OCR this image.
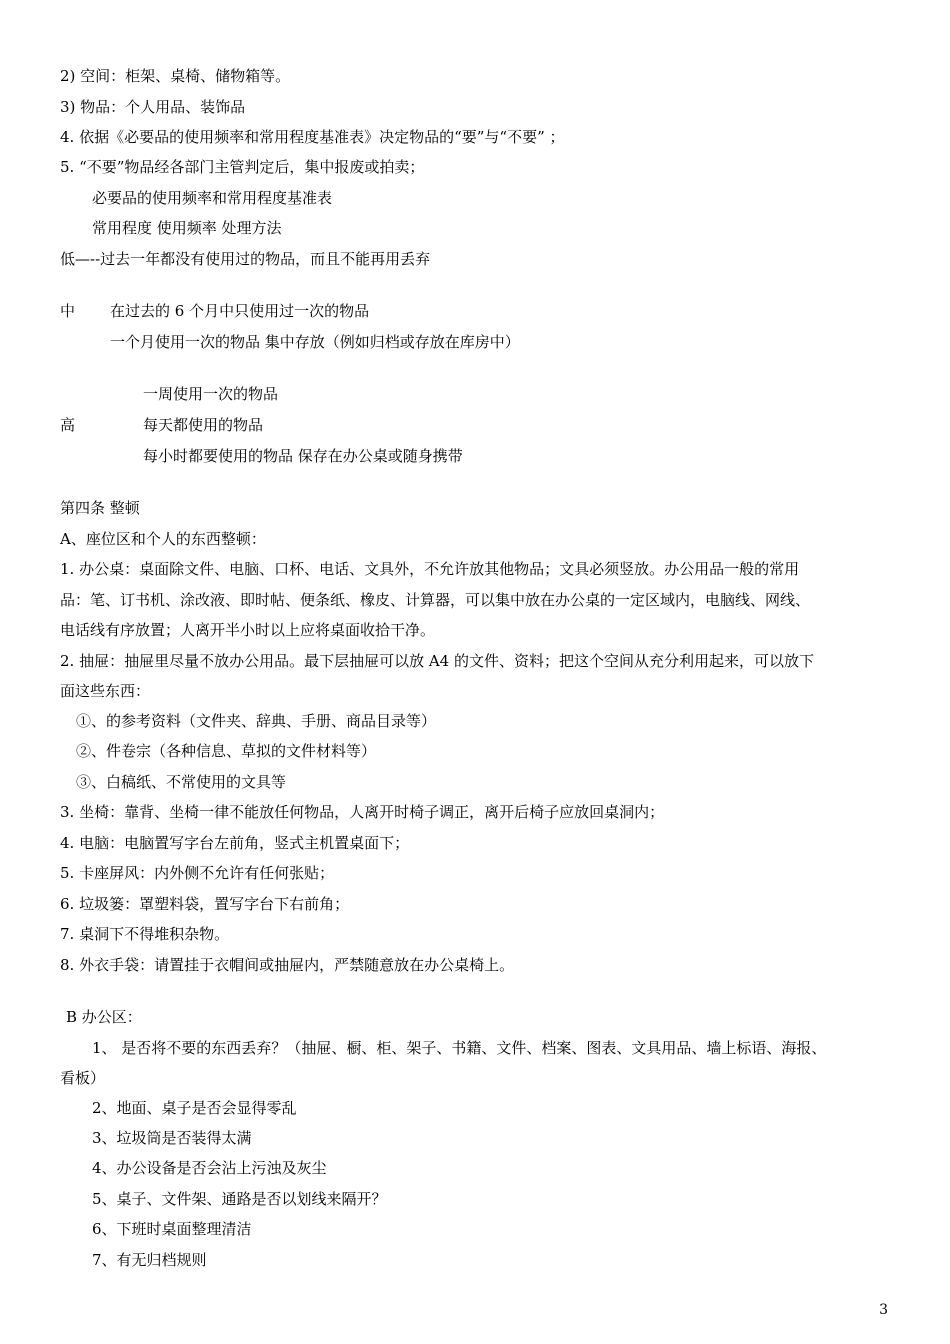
2) 空间：柜架、桌椅、储物箱等。
3) 物品：个人用品、装饰品
4. 依据《必要品的使用频率和常用程度基准表》决定物品的“要”与“不要” ；
5. “不要”物品经各部门主管判定后，集中报废或拍卖；
必要品的使用频率和常用程度基准表
常用程度 使用频率 处理方法
低—--过去一年都没有使用过的物品，而且不能再用丢弃
中 在过去的 6 个月中只使用过一次的物品
一个月使用一次的物品 集中存放（例如归档或存放在库房中）
一周使用一次的物品
高	每天都使用的物品
每小时都要使用的物品 保存在办公桌或随身携带
第四条 整顿
A、座位区和个人的东西整顿：
1. 办公桌：桌面除文件、电脑、口杯、电话、文具外，不允许放其他物品；文具必须竖放。办公用品一般的常用
品：笔、订书机、涂改液、即时帖、便条纸、橡皮、计算器，可以集中放在办公桌的一定区域内，电脑线、网线、
电话线有序放置；人离开半小时以上应将桌面收拾干净。
2. 抽屉：抽屉里尽量不放办公用品。最下层抽屉可以放 A4 的文件、资料；把这个空间从充分利用起来，可以放下
面这些东西：
①、的参考资料（文件夹、辞典、手册、商品目录等）
②、件卷宗（各种信息、草拟的文件材料等）
③、白稿纸、不常使用的文具等
3. 坐椅：靠背、坐椅一律不能放任何物品，人离开时椅子调正，离开后椅子应放回桌洞内；
4. 电脑：电脑置写字台左前角，竖式主机置桌面下；
5. 卡座屏风：内外侧不允许有任何张贴；
6. 垃圾篓：罩塑料袋，置写字台下右前角；
7. 桌洞下不得堆积杂物。
8. 外衣手袋：请置挂于衣帽间或抽屉内，严禁随意放在办公桌椅上。
B 办公区：
1、 是否将不要的东西丢弃？（抽屉、橱、柜、架子、书籍、文件、档案、图表、文具用品、墙上标语、海报、
看板）
2、地面、桌子是否会显得零乱
3、垃圾筒是否装得太满
4、办公设备是否会沾上污浊及灰尘
5、桌子、文件架、通路是否以划线来隔开？
6、下班时桌面整理清洁
7、有无归档规则
3
